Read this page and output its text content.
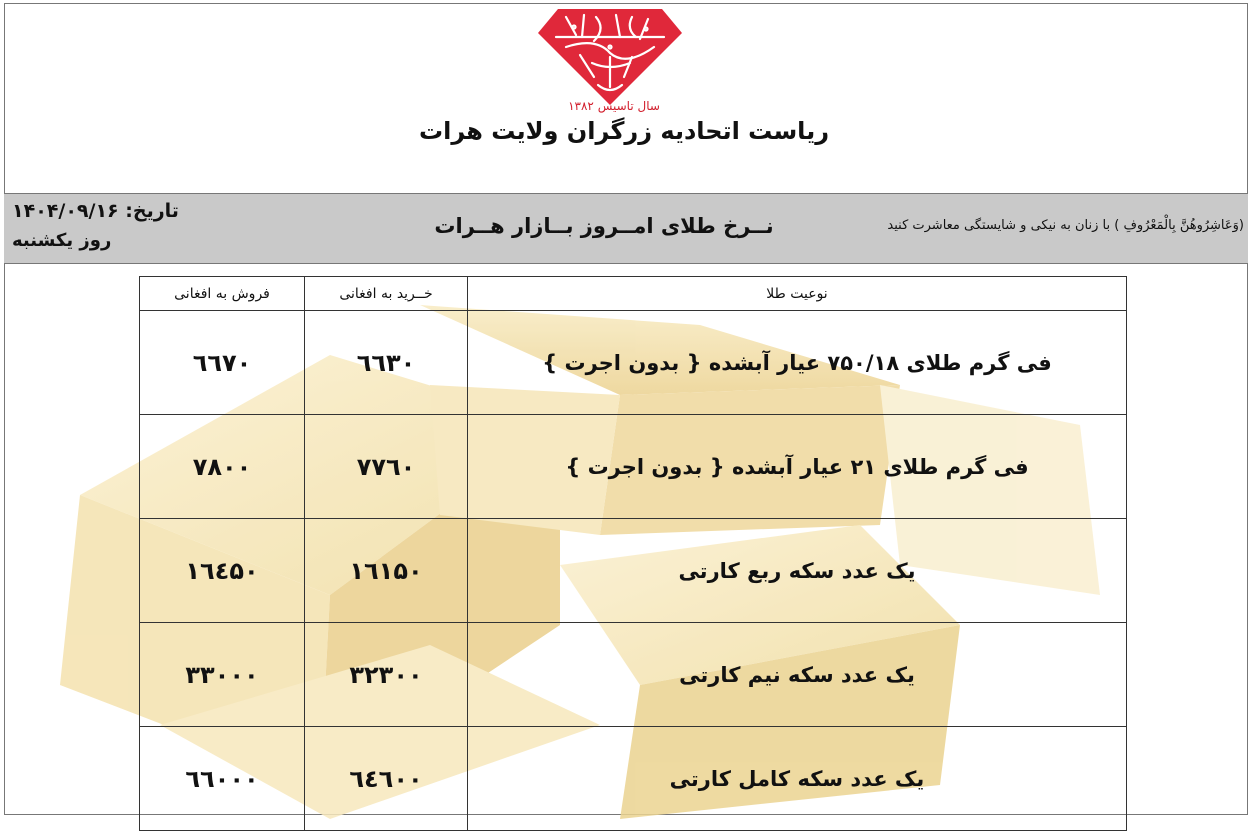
سال تاسیس ۱۳۸۲
ریاست اتحادیه زرگران ولایت هرات
تاریخ: ۱۴۰۴/۰۹/۱۶
روز یکشنبه
نــرخ طلای امــروز بــازار هــرات	(وَعَاشِرُوهُنَّ بِالْمَعْرُوفِ ) با زنان به نیکی و شایستگی معاشرت کنید
فروش به افغانی	خــرید به افغانی	نوعیت طلا
٦٦٧٠	٦٦٣٠	فی گرم طلای ۷۵۰/۱۸ عیار آبشده { بدون اجرت }
۷۸۰۰	۷۷٦۰	فی گرم طلای ۲۱ عیار آبشده { بدون اجرت }
۱٦٤۵۰	۱٦۱۵۰	یک عدد سکه ربع کارتی
۳۳۰۰۰	۳۲۳۰۰	یک عدد سکه نیم کارتی
٦٦۰۰۰	٦٤٦۰۰	یک عدد سکه کامل کارتی
